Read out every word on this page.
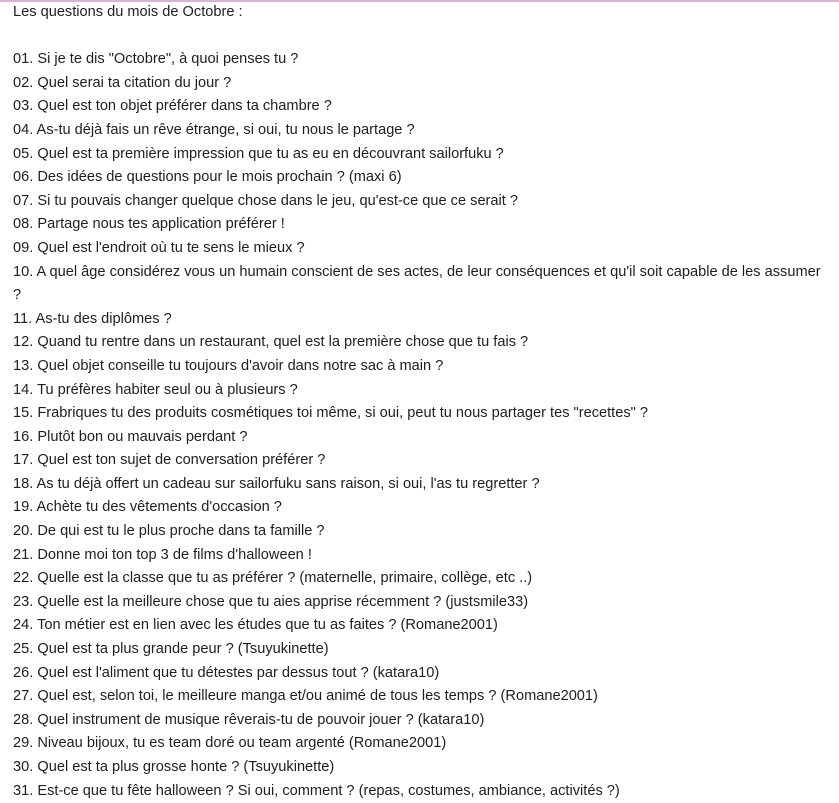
Les questions du mois de Octobre :

01. Si je te dis "Octobre", à quoi penses tu ?
02. Quel serai ta citation du jour ?
03. Quel est ton objet préférer dans ta chambre ?
04. As-tu déjà fais un rêve étrange, si oui, tu nous le partage ?
05. Quel est ta première impression que tu as eu en découvrant sailorfuku ?
06. Des idées de questions pour le mois prochain ? (maxi 6)
07. Si tu pouvais changer quelque chose dans le jeu, qu'est-ce que ce serait ?
08. Partage nous tes application préférer !
09. Quel est l'endroit où tu te sens le mieux ?
10. A quel âge considérez vous un humain conscient de ses actes, de leur conséquences et qu'il soit capable de les assumer
?
11. As-tu des diplômes ?
12. Quand tu rentre dans un restaurant, quel est la première chose que tu fais ?
13. Quel objet conseille tu toujours d'avoir dans notre sac à main ?
14. Tu préfères habiter seul ou à plusieurs ?
15. Frabriques tu des produits cosmétiques toi même, si oui, peut tu nous partager tes "recettes" ?
16. Plutôt bon ou mauvais perdant ?
17. Quel est ton sujet de conversation préférer ?
18. As tu déjà offert un cadeau sur sailorfuku sans raison, si oui, l'as tu regretter ?
19. Achète tu des vêtements d'occasion ?
20. De qui est tu le plus proche dans ta famille ?
21. Donne moi ton top 3 de films d'halloween !
22. Quelle est la classe que tu as préférer ? (maternelle, primaire, collège, etc ..)
23. Quelle est la meilleure chose que tu aies apprise récemment ? (justsmile33)
24. Ton métier est en lien avec les études que tu as faites ? (Romane2001)
25. Quel est ta plus grande peur ? (Tsuyukinette)
26. Quel est l'aliment que tu détestes par dessus tout ? (katara10)
27. Quel est, selon toi, le meilleure manga et/ou animé de tous les temps ? (Romane2001)
28. Quel instrument de musique rêverais-tu de pouvoir jouer ? (katara10)
29. Niveau bijoux, tu es team doré ou team argenté (Romane2001)
30. Quel est ta plus grosse honte ? (Tsuyukinette)
31. Est-ce que tu fête halloween ? Si oui, comment ? (repas, costumes, ambiance, activités ?)
